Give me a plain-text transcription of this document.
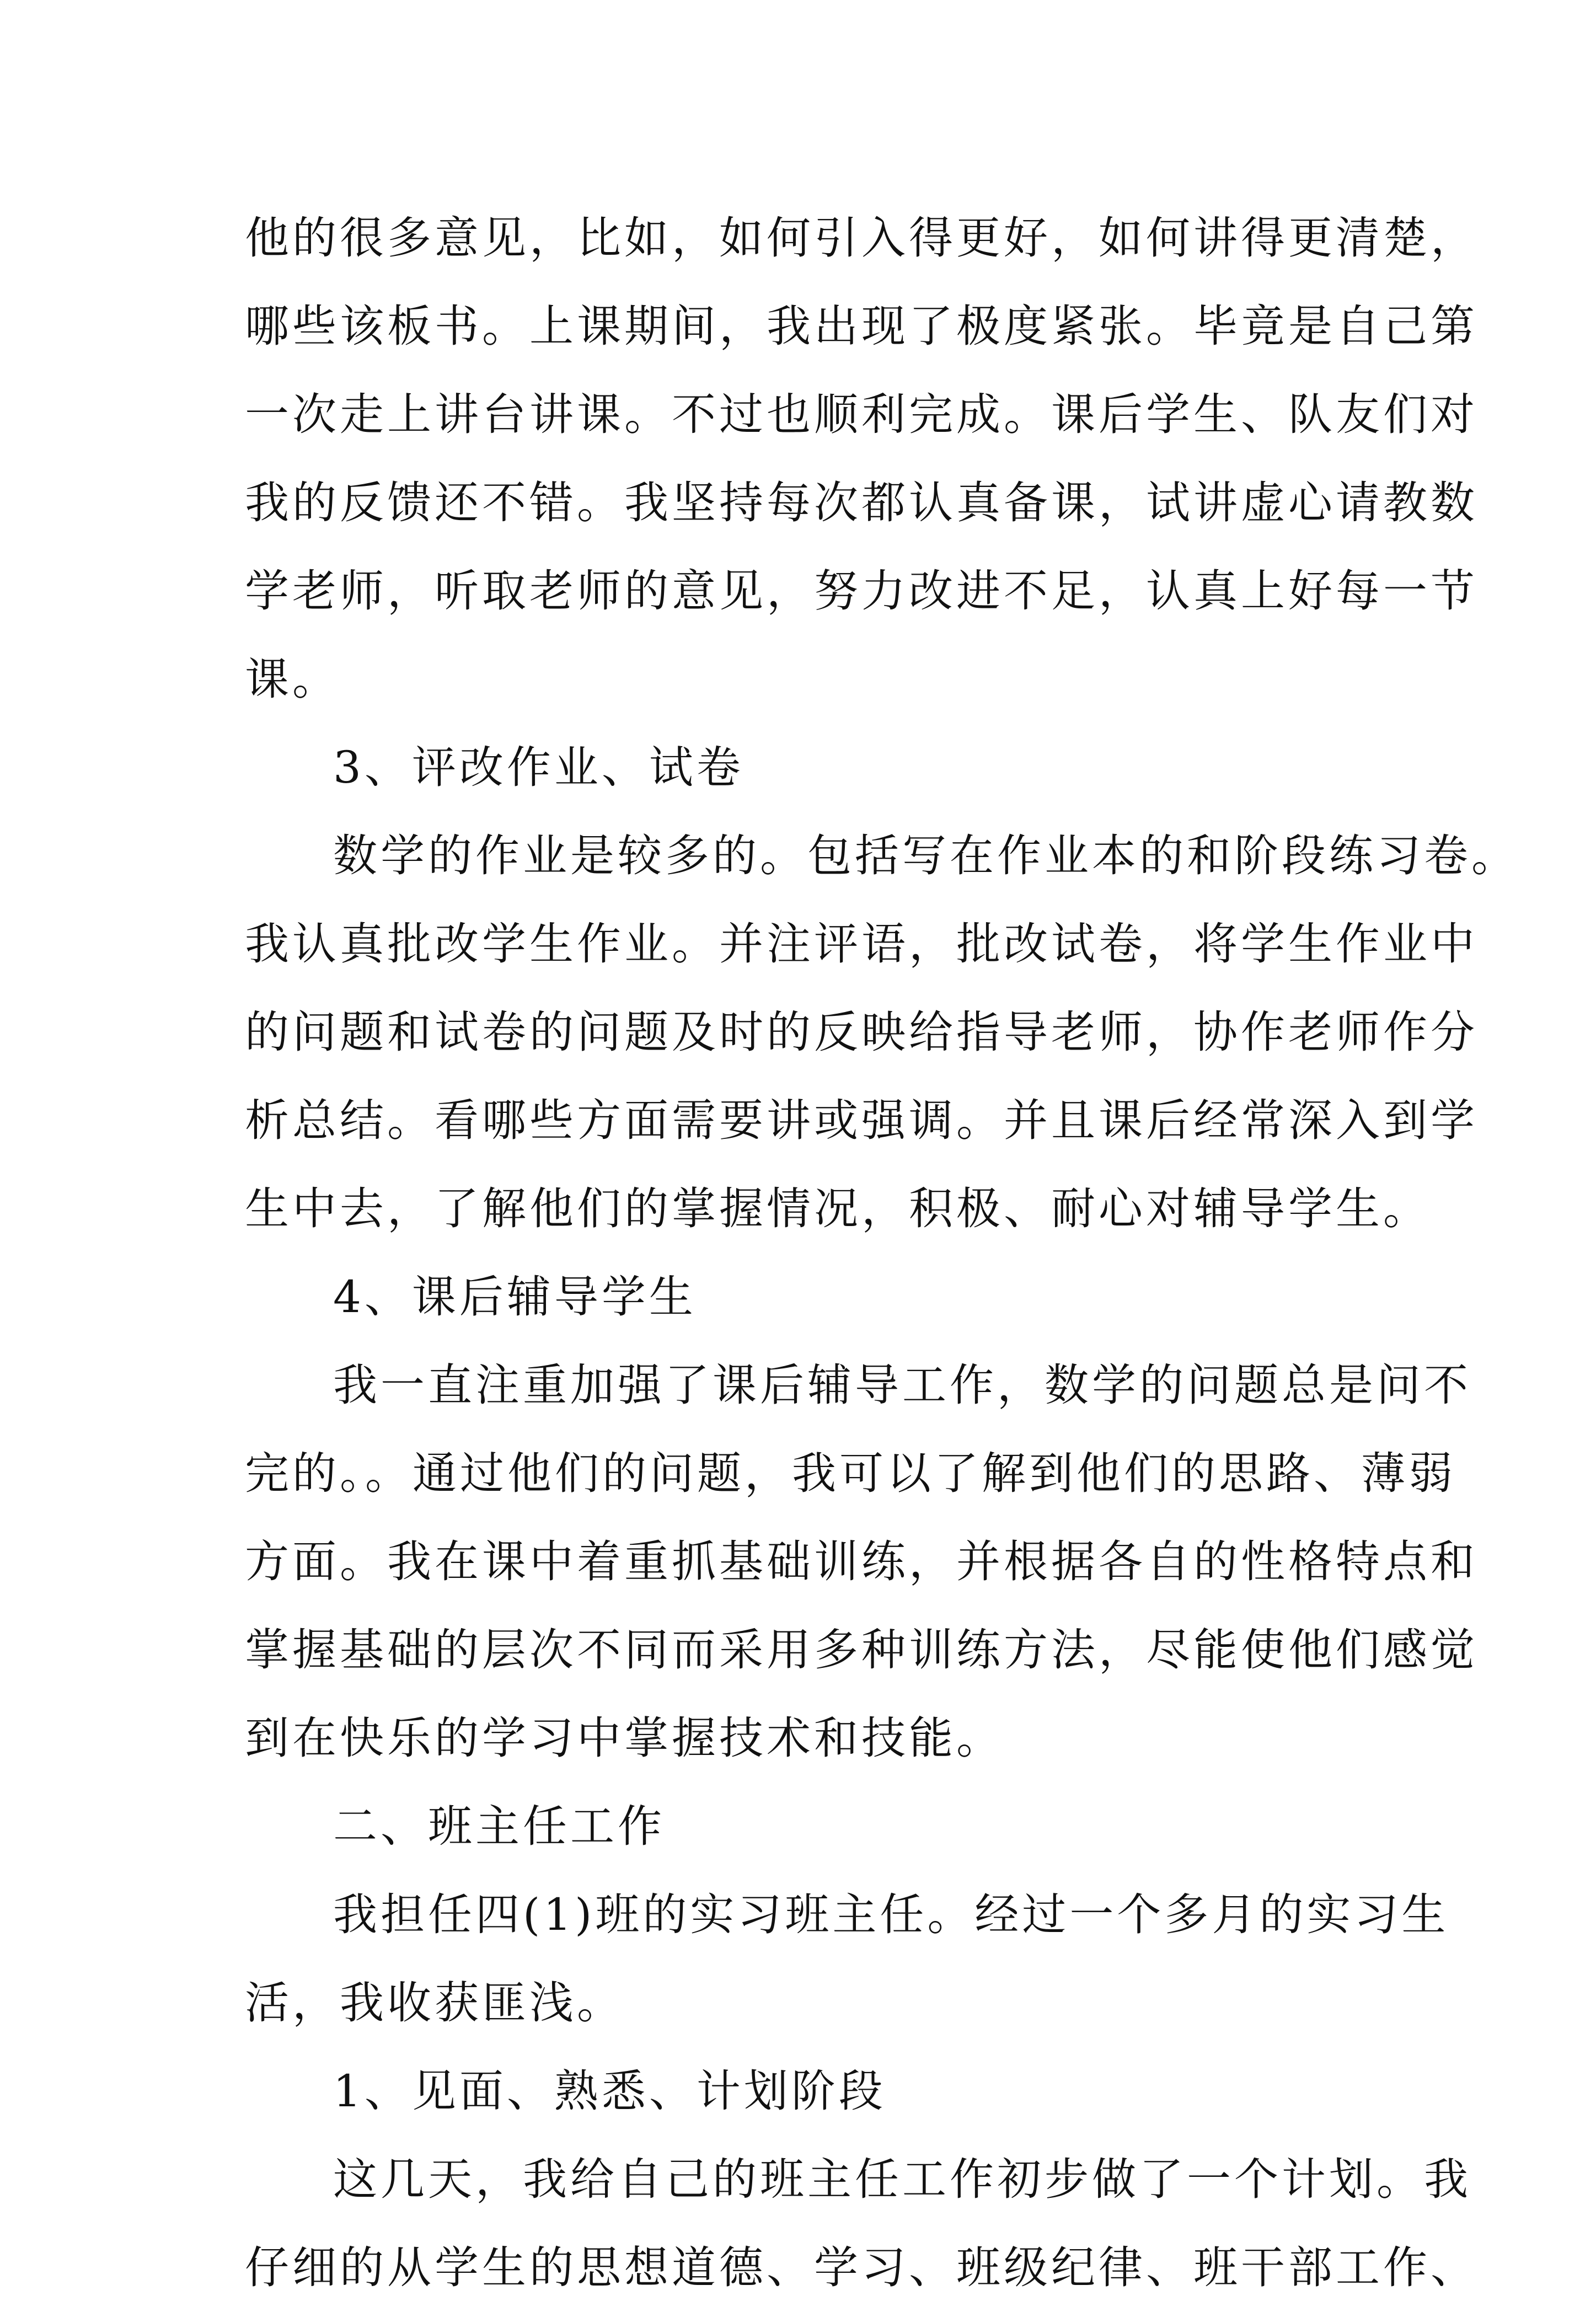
他的很多意见，比如，如何引入得更好，如何讲得更清楚，
哪些该板书。上课期间，我出现了极度紧张。毕竟是自己第
一次走上讲台讲课。不过也顺利完成。课后学生、队友们对
我的反馈还不错。我坚持每次都认真备课，试讲虚心请教数
学老师，听取老师的意见，努力改进不足，认真上好每一节
课。
3、评改作业、试卷
数学的作业是较多的。包括写在作业本的和阶段练习卷。
我认真批改学生作业。并注评语，批改试卷，将学生作业中
的问题和试卷的问题及时的反映给指导老师，协作老师作分
析总结。看哪些方面需要讲或强调。并且课后经常深入到学
生中去，了解他们的掌握情况，积极、耐心对辅导学生。
4、课后辅导学生
我一直注重加强了课后辅导工作，数学的问题总是问不
完的。。通过他们的问题，我可以了解到他们的思路、薄弱
方面。我在课中着重抓基础训练，并根据各自的性格特点和
掌握基础的层次不同而采用多种训练方法，尽能使他们感觉
到在快乐的学习中掌握技术和技能。
二、班主任工作
我担任四(1)班的实习班主任。经过一个多月的实习生
活，我收获匪浅。
1、见面、熟悉、计划阶段
这几天，我给自己的班主任工作初步做了一个计划。我
仔细的从学生的思想道德、学习、班级纪律、班干部工作、
